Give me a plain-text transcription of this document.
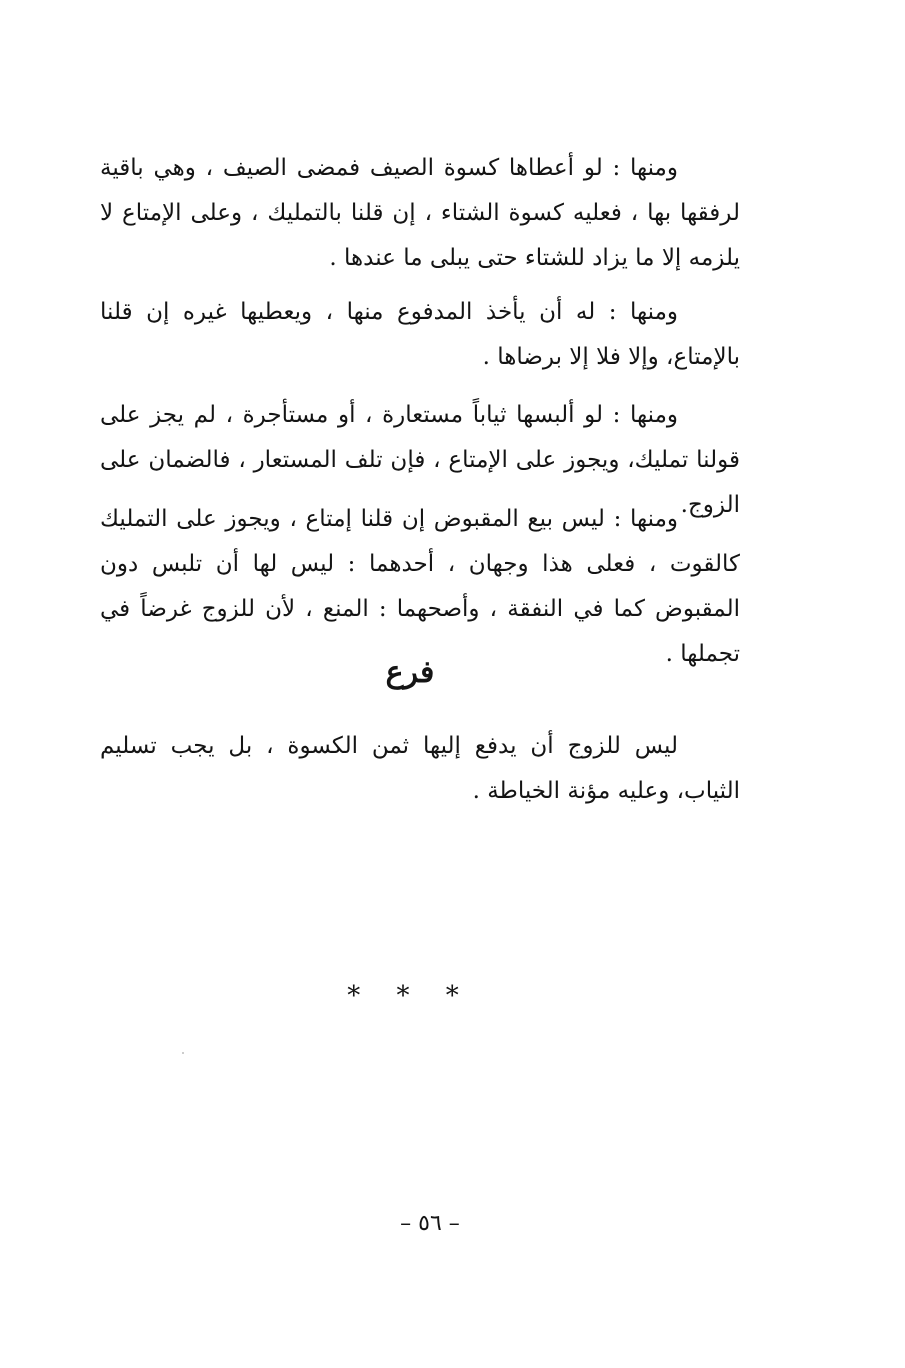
ومنها : لو أعطاها كسوة الصيف فمضى الصيف ، وهي باقية لرفقها بها ، فعليه كسوة الشتاء ، إن قلنا بالتمليك ، وعلى الإمتاع لا يلزمه إلا ما يزاد للشتاء حتى يبلى ما عندها .

ومنها : له أن يأخذ المدفوع منها ، ويعطيها غيره إن قلنا بالإمتاع، وإلا فلا إلا برضاها .

ومنها : لو ألبسها ثياباً مستعارة ، أو مستأجرة ، لم يجز على قولنا تمليك، ويجوز على الإمتاع ، فإن تلف المستعار ، فالضمان على الزوج.

ومنها : ليس بيع المقبوض إن قلنا إمتاع ، ويجوز على التمليك كالقوت ، فعلى هذا وجهان ، أحدهما : ليس لها أن تلبس دون المقبوض كما في النفقة ، وأصحهما : المنع ، لأن للزوج غرضاً في تجملها .

فرع

ليس للزوج أن يدفع إليها ثمن الكسوة ، بل يجب تسليم الثياب، وعليه مؤنة الخياطة .

* * *
– ٥٦ –
